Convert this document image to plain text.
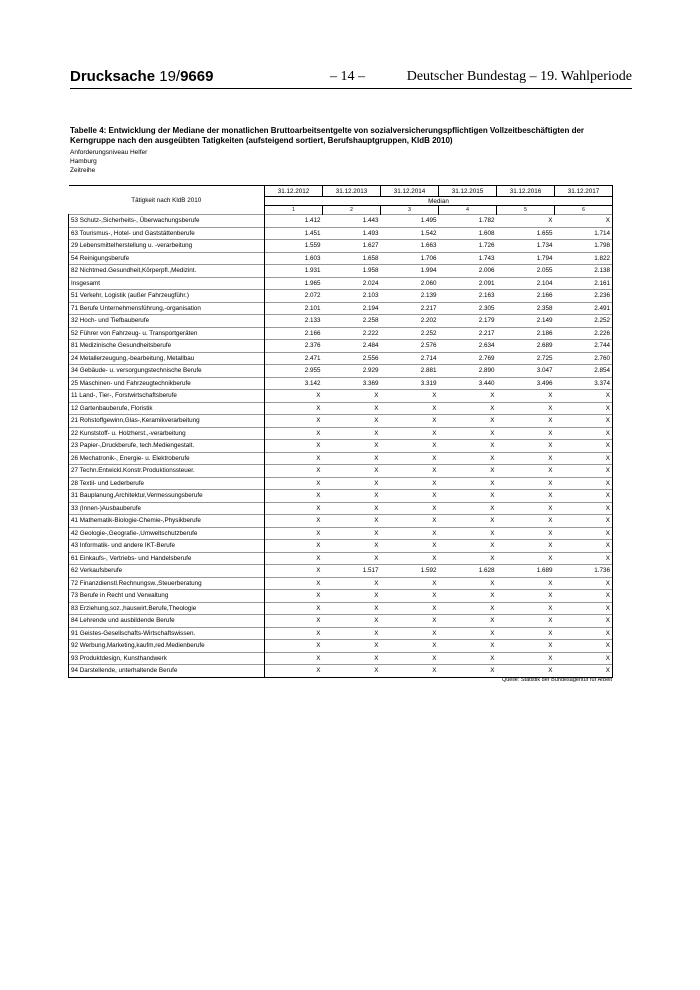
Drucksache 19/9669	– 14 –	Deutscher Bundestag – 19. Wahlperiode
Tabelle 4: Entwicklung der Mediane der monatlichen Bruttoarbeitsentgelte von sozialversicherungspflichtigen Vollzeitbeschäftigten der Kerngruppe nach den ausgeübten Tatigkeiten (aufsteigend sortiert, Berufshauptgruppen, KldB 2010)
Anforderungsniveau Helfer
Hamburg
Zeitreihe
Tätigkeit nach KldB 2010	31.12.2012	31.12.2013	31.12.2014	31.12.2015	31.12.2016	31.12.2017
	Median					
	1	2	3	4	5	6
53 Schutz-,Sicherheits-, Überwachungsberufe	1.412	1.443	1.495	1.782	X	X
63 Tourismus-, Hotel- und Gaststättenberufe	1.451	1.493	1.542	1.608	1.655	1.714
29 Lebensmittelherstellung u. -verarbeitung	1.559	1.627	1.663	1.726	1.734	1.798
54 Reinigungsberufe	1.603	1.658	1.706	1.743	1.794	1.822
82 Nichtmed.Gesundheit,Körperpfl.,Medizint.	1.931	1.958	1.994	2.006	2.055	2.138
Insgesamt	1.965	2.024	2.060	2.091	2.104	2.161
51 Verkehr, Logistik (außer Fahrzeugführ.)	2.072	2.103	2.139	2.163	2.166	2.236
71 Berufe Unternehmensführung,-organisation	2.101	2.194	2.217	2.305	2.358	2.491
32 Hoch- und Tiefbauberufe	2.133	2.258	2.202	2.179	2.149	2.252
52 Führer von Fahrzeug- u. Transportgeräten	2.166	2.222	2.252	2.217	2.186	2.226
81 Medizinische Gesundheitsberufe	2.376	2.484	2.576	2.634	2.689	2.744
24 Metallerzeugung,-bearbeitung, Metallbau	2.471	2.556	2.714	2.769	2.725	2.760
34 Gebäude- u. versorgungstechnische Berufe	2.955	2.929	2.881	2.890	3.047	2.854
25 Maschinen- und Fahrzeugtechnikberufe	3.142	3.369	3.319	3.440	3.496	3.374
11 Land-, Tier-, Forstwirtschaftsberufe	X	X	X	X	X	X
12 Gartenbauberufe, Floristik	X	X	X	X	X	X
21 Rohstoffgewinn,Glas-,Keramikverarbeitung	X	X	X	X	X	X
22 Kunststoff- u. Holzherst.,-verarbeitung	X	X	X	X	X	X
23 Papier-,Druckberufe, tech.Mediengestalt.	X	X	X	X	X	X
26 Mechatronik-, Energie- u. Elektroberufe	X	X	X	X	X	X
27 Techn.Entwickl.Konstr.Produktionssteuer.	X	X	X	X	X	X
28 Textil- und Lederberufe	X	X	X	X	X	X
31 Bauplanung,Architektur,Vermessungsberufe	X	X	X	X	X	X
33 (Innen-)Ausbauberufe	X	X	X	X	X	X
41 Mathematik-Biologie-Chemie-,Physikberufe	X	X	X	X	X	X
42 Geologie-,Geografie-,Umweltschutzberufe	X	X	X	X	X	X
43 Informatik- und andere IKT-Berufe	X	X	X	X	X	X
61 Einkaufs-, Vertriebs- und Handelsberufe	X	X	X	X	X	X
62 Verkaufsberufe	X	1.517	1.592	1.628	1.689	1.736
72 Finanzdienstl.Rechnungsw.,Steuerberatung	X	X	X	X	X	X
73 Berufe in Recht und Verwaltung	X	X	X	X	X	X
83 Erziehung,soz.,hauswirt.Berufe,Theologie	X	X	X	X	X	X
84 Lehrende und ausbildende Berufe	X	X	X	X	X	X
91 Geistes-Gesellschafts-Wirtschaftswissen.	X	X	X	X	X	X
92 Werbung,Marketing,kaufm,red.Medienberufe	X	X	X	X	X	X
93 Produktdesign, Kunsthandwerk	X	X	X	X	X	X
94 Darstellende, unterhaltende Berufe	X	X	X	X	X	X
Quelle: Statistik der Bundesagentur für Arbeit
